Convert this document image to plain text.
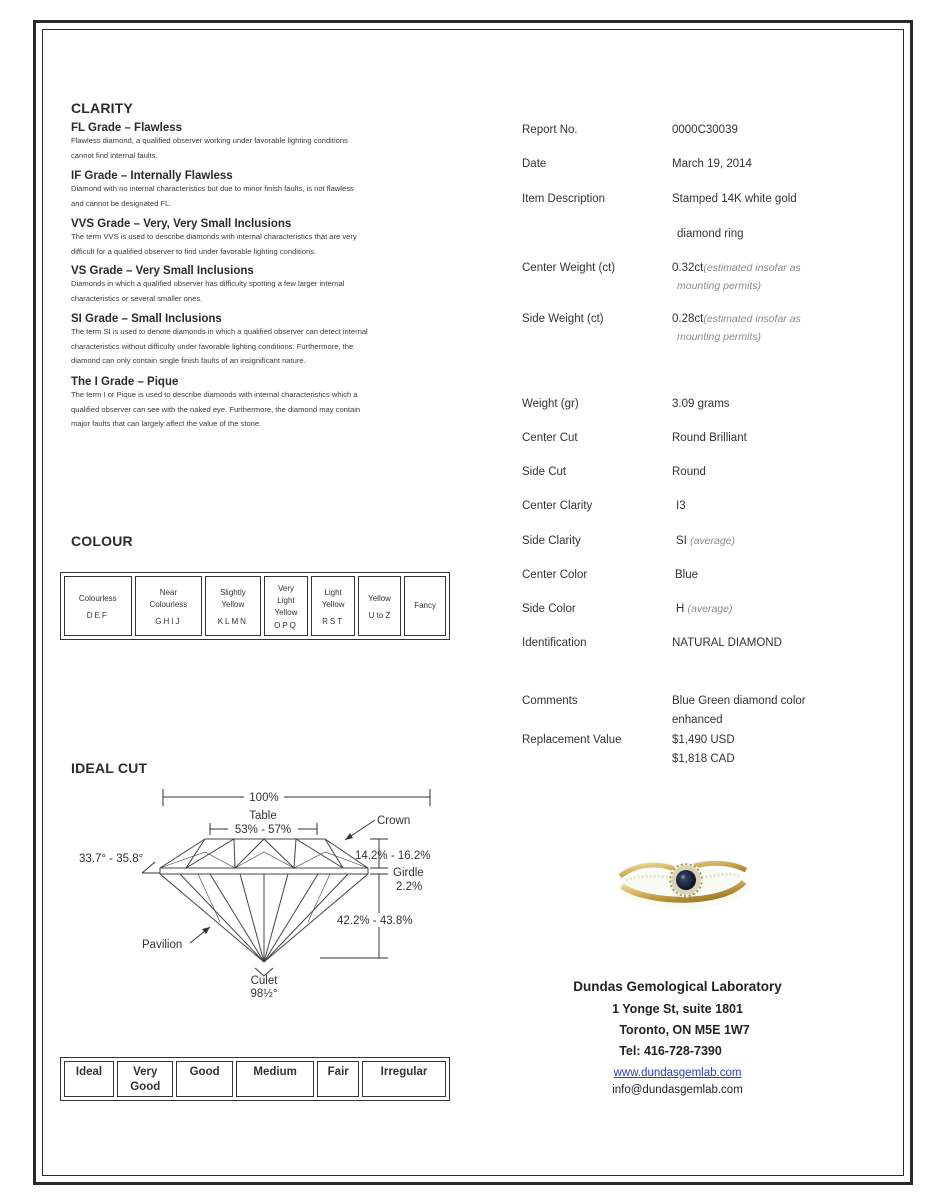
CLARITY

FL Grade – Flawless

Flawless diamond, a qualified observer working under favorable lighting conditions

cannot find internal faults.

IF Grade – Internally Flawless

Diamond with no internal characteristics but due to minor finish faults, is not flawless

and cannot be designated FL.

VVS Grade – Very, Very Small Inclusions

The term VVS is used to describe diamonds with internal characteristics that are very

difficult for a qualified observer to find under favorable lighting conditions.

VS Grade – Very Small Inclusions

Diamonds in which a qualified observer has difficulty spotting a few larger internal

characteristics or several smaller ones.

SI Grade – Small Inclusions

The term SI is used to denote diamonds in which a qualified observer can detect internal

characteristics without difficulty under favorable lighting conditions. Furthermore, the

diamond can only contain single finish faults of an insignificant nature.

The I Grade – Pique

The term I or Pique is used to describe diamonds with internal characteristics which a

qualified observer can see with the naked eye. Furthermore, the diamond may contain

major faults that can largely affect the value of the stone.

COLOUR
Colourless
DEF

Near
Colourless
GHIJ

Slightly
Yellow
KLMN

Very
Light
Yellow
OPQ

Light
Yellow
RST

Yellow
U to Z

Fancy
IDEAL CUT
100%
Table
53% - 57%
Crown
33.7° - 35.8°	14.2% - 16.2%
Girdle
2.2%
42.2% - 43.8%
Pavilion
Culet
98½°
Ideal	Very
Good	Good	Medium	Fair	Irregular
Report No.	0000C30039
Date	March 19, 2014
Item Description	Stamped 14K white gold
diamond ring
Center Weight (ct)	0.32ct(estimated insofar as
mounting permits)
Side Weight (ct)	0.28ct(estimated insofar as
mounting permits)
Weight (gr)	3.09 grams
Center Cut	Round Brilliant
Side Cut	Round
Center Clarity	I3
Side Clarity	SI (average)
Center Color	Blue
Side Color	H (average)
Identification	NATURAL DIAMOND
Comments	Blue Green diamond color
enhanced
Replacement Value	$1,490 USD
$1,818 CAD
Dundas Gemological Laboratory
1 Yonge St, suite 1801
Toronto, ON M5E 1W7
Tel: 416-728-7390
www.dundasgemlab.com
info@dundasgemlab.com
